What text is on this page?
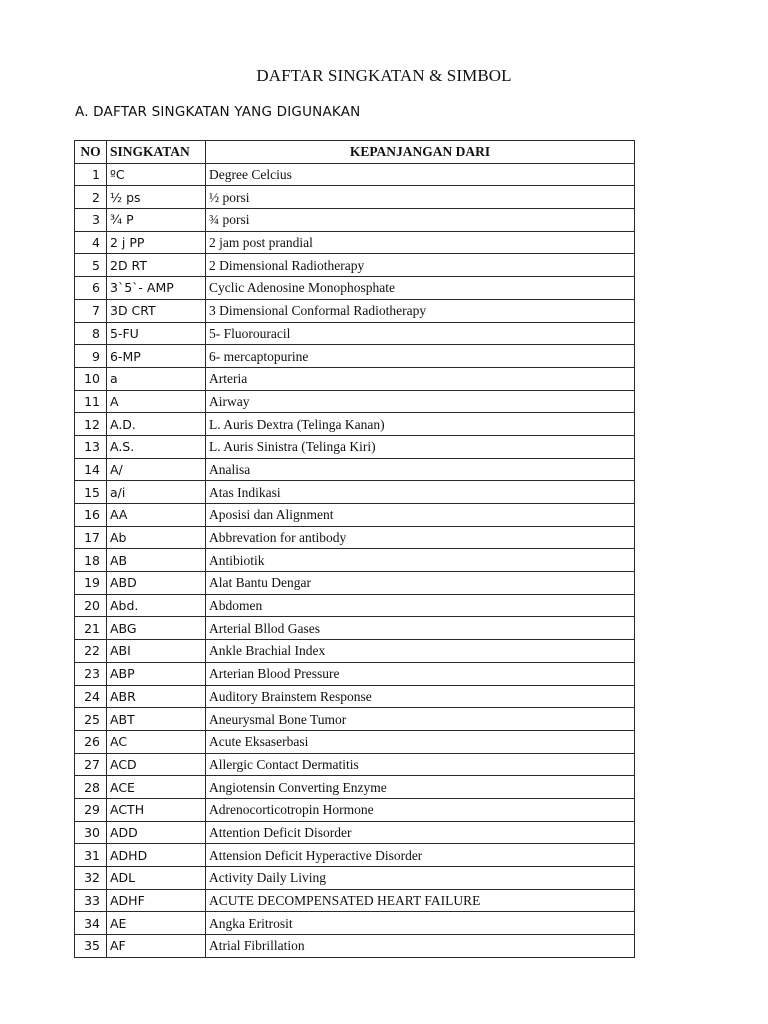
DAFTAR SINGKATAN & SIMBOL
A. DAFTAR SINGKATAN YANG DIGUNAKAN
NO	SINGKATAN	KEPANJANGAN DARI
1	ºC	Degree Celcius
2	½ ps	½ porsi
3	¾ P	¾ porsi
4	2 j PP	2 jam post prandial
5	2D RT	2 Dimensional Radiotherapy
6	3`5`- AMP	Cyclic Adenosine Monophosphate
7	3D CRT	3 Dimensional Conformal Radiotherapy
8	5-FU	5- Fluorouracil
9	6-MP	6- mercaptopurine
10	a	Arteria
11	A	Airway
12	A.D.	L. Auris Dextra (Telinga Kanan)
13	A.S.	L. Auris Sinistra (Telinga Kiri)
14	A/	Analisa
15	a/i	Atas Indikasi
16	AA	Aposisi dan Alignment
17	Ab	Abbrevation for antibody
18	AB	Antibiotik
19	ABD	Alat Bantu Dengar
20	Abd.	Abdomen
21	ABG	Arterial Bllod Gases
22	ABI	Ankle Brachial Index
23	ABP	Arterian Blood Pressure
24	ABR	Auditory Brainstem Response
25	ABT	Aneurysmal Bone Tumor
26	AC	Acute Eksaserbasi
27	ACD	Allergic Contact Dermatitis
28	ACE	Angiotensin Converting Enzyme
29	ACTH	Adrenocorticotropin Hormone
30	ADD	Attention Deficit Disorder
31	ADHD	Attension Deficit Hyperactive Disorder
32	ADL	Activity Daily Living
33	ADHF	ACUTE DECOMPENSATED HEART FAILURE
34	AE	Angka Eritrosit
35	AF	Atrial Fibrillation
